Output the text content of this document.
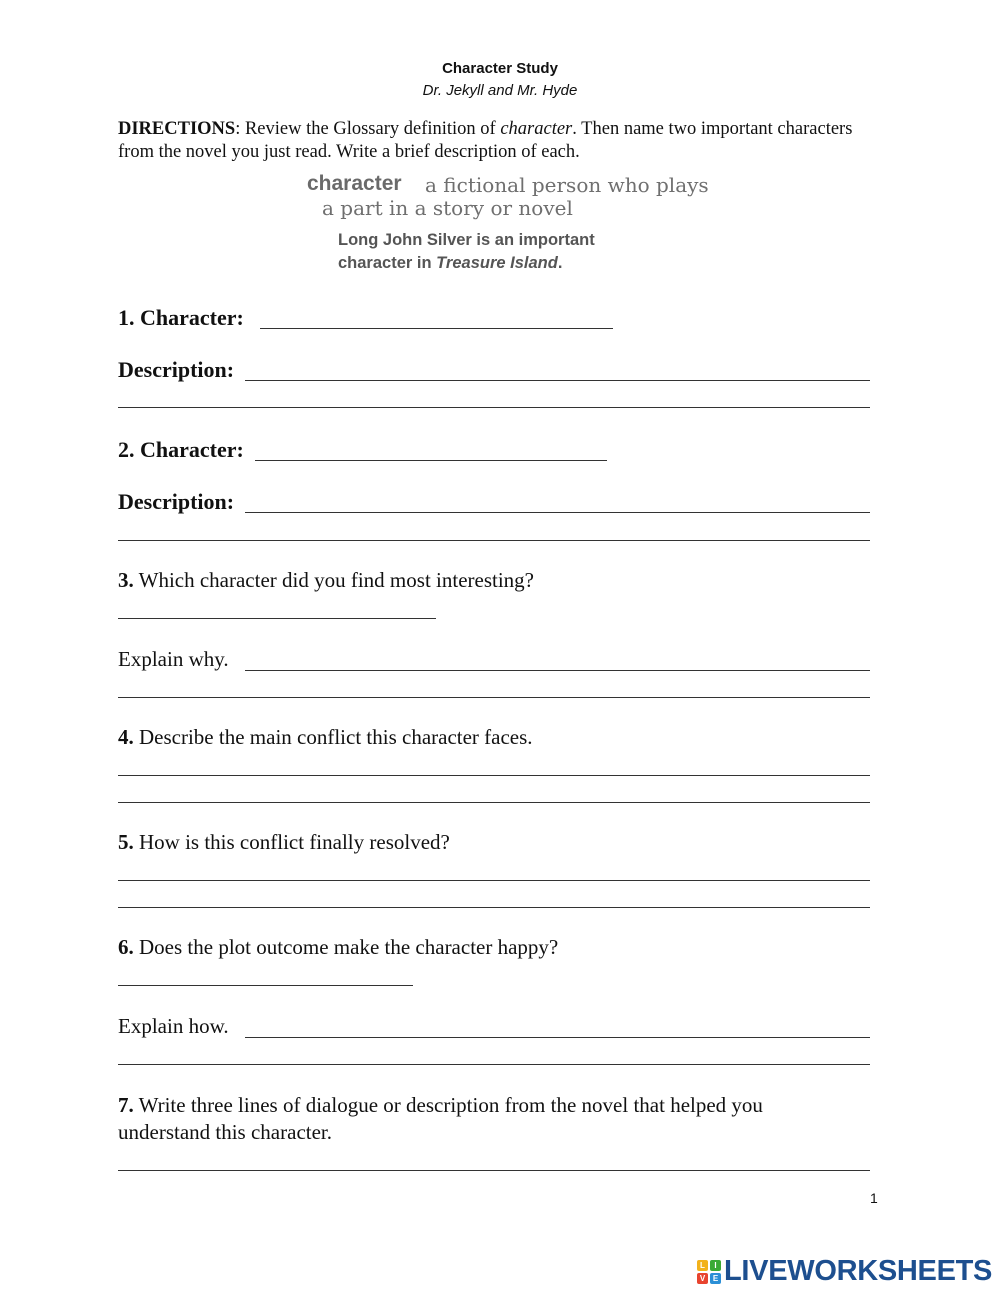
Character Study
Dr. Jekyll and Mr. Hyde
DIRECTIONS: Review the Glossary definition of character. Then name two important characters from the novel you just read. Write a brief description of each.
character a fictional person who plays
a part in a story or novel
Long John Silver is an important
character in Treasure Island.
1. Character:
Description:
2. Character:
Description:
3. Which character did you find most interesting?
Explain why.
4. Describe the main conflict this character faces.
5. How is this conflict finally resolved?
6. Does the plot outcome make the character happy?
Explain how.
7. Write three lines of dialogue or description from the novel that helped you
understand this character.
1
L	I
V E LIVEWORKSHEETS
